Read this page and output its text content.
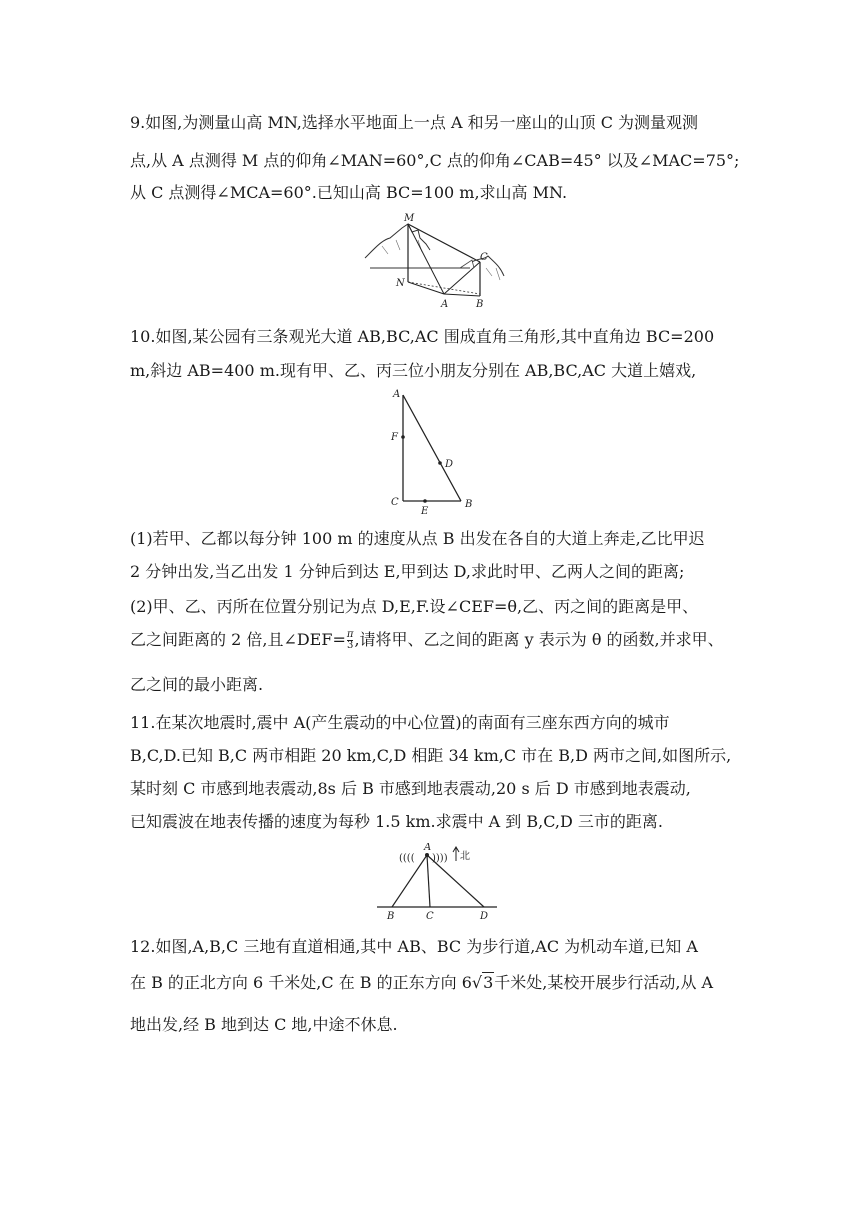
9.如图,为测量山高 MN,选择水平地面上一点 A 和另一座山的山顶 C 为测量观测
点,从 A 点测得 M 点的仰角∠MAN=60°,C 点的仰角∠CAB=45° 以及∠MAC=75°;
从 C 点测得∠MCA=60°.已知山高 BC=100 m,求山高 MN.
M
N
A	B
C
10.如图,某公园有三条观光大道 AB,BC,AC 围成直角三角形,其中直角边 BC=200
m,斜边 AB=400 m.现有甲、乙、丙三位小朋友分别在 AB,BC,AC 大道上嬉戏,
A
F
D
C
E
B
(1)若甲、乙都以每分钟 100 m 的速度从点 B 出发在各自的大道上奔走,乙比甲迟
2 分钟出发,当乙出发 1 分钟后到达 E,甲到达 D,求此时甲、乙两人之间的距离;
(2)甲、乙、丙所在位置分别记为点 D,E,F.设∠CEF=θ,乙、丙之间的距离是甲、
乙之间距离的 2 倍,且∠DEF= $\frac{\pi}{3}$ ,请将甲、乙之间的距离 y 表示为 θ 的函数,并求甲、
乙之间的最小距离.
11.在某次地震时,震中 A(产生震动的中心位置)的南面有三座东西方向的城市
B,C,D.已知 B,C 两市相距 20 km,C,D 相距 34 km,C 市在 B,D 两市之间,如图所示,
某时刻 C 市感到地表震动,8s 后 B 市感到地表震动,20 s 后 D 市感到地表震动,
已知震波在地表传播的速度为每秒 1.5 km.求震中 A 到 B,C,D 三市的距离.
(((( )))) 北
A
B	C	D
12.如图,A,B,C 三地有直道相通,其中 AB、BC 为步行道,AC 为机动车道,已知 A
在 B 的正北方向 6 千米处,C 在 B 的正东方向 6√3千米处,某校开展步行活动,从 A
地出发,经 B 地到达 C 地,中途不休息.
